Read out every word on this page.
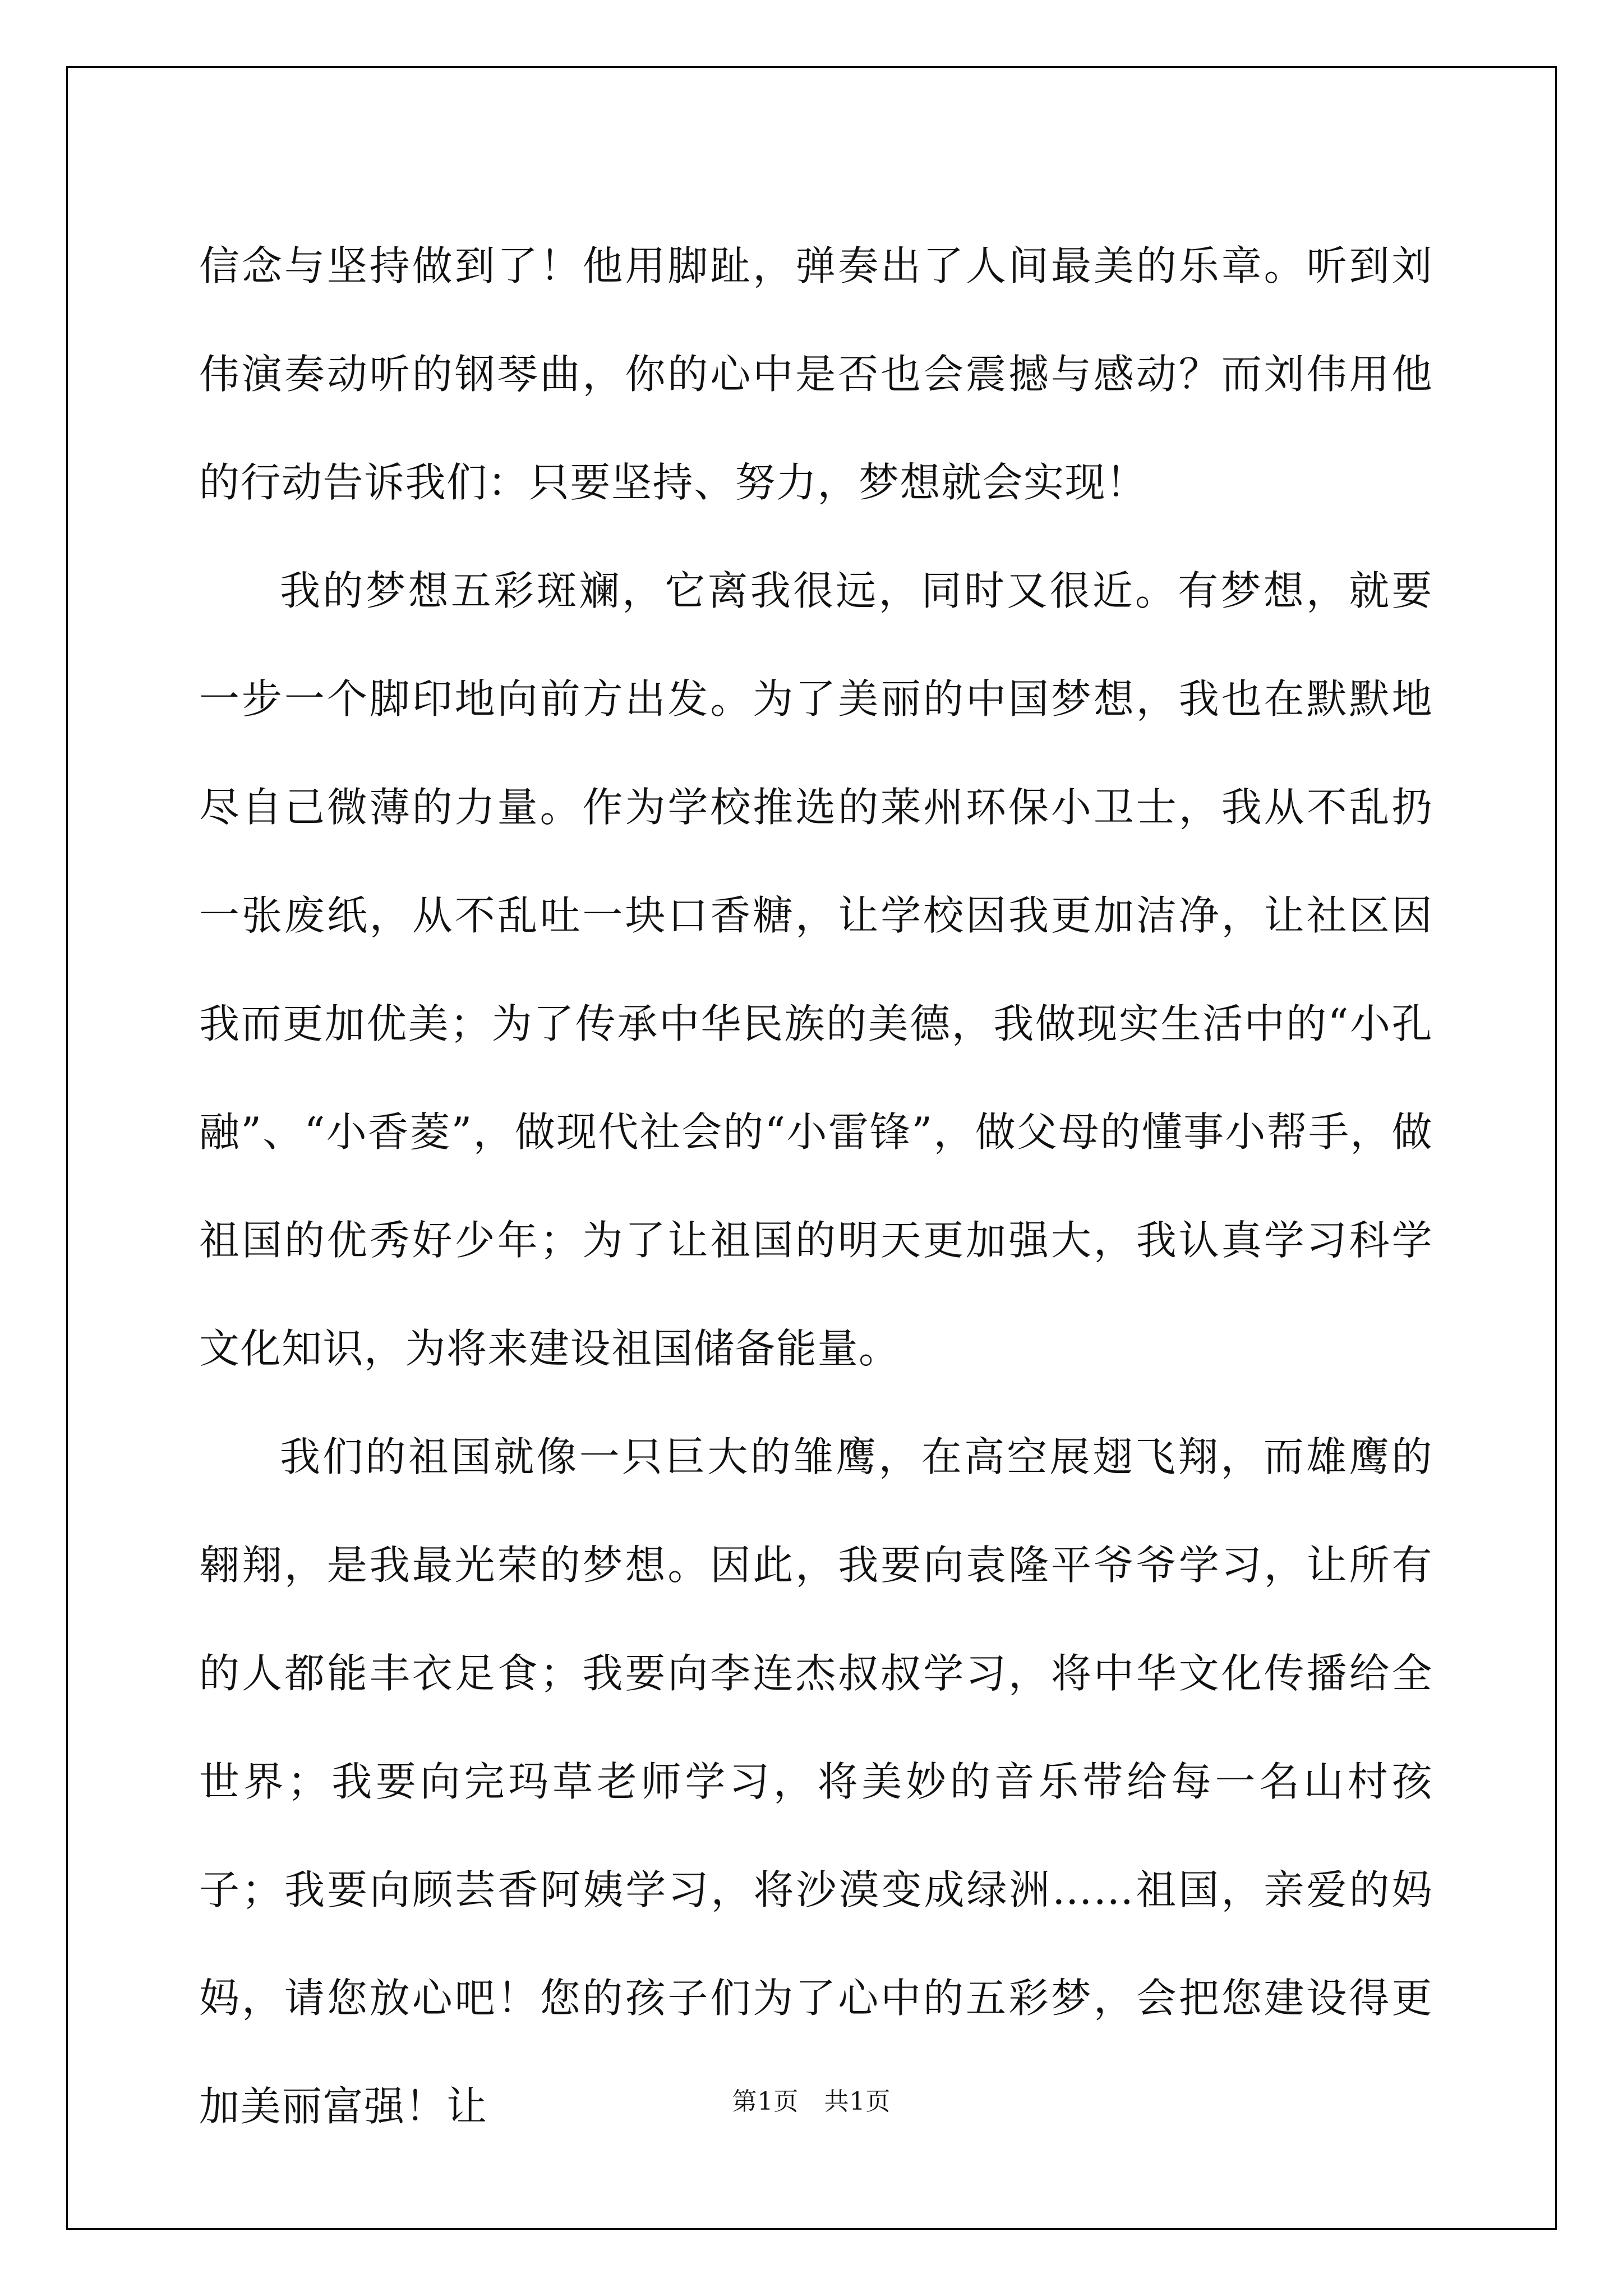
信念与坚持做到了！他用脚趾，弹奏出了人间最美的乐章。听到刘伟演奏动听的钢琴曲，你的心中是否也会震撼与感动？而刘伟用他的行动告诉我们：只要坚持、努力，梦想就会实现！

我的梦想五彩斑斓，它离我很远，同时又很近。有梦想，就要一步一个脚印地向前方出发。为了美丽的中国梦想，我也在默默地尽自己微薄的力量。作为学校推选的莱州环保小卫士，我从不乱扔一张废纸，从不乱吐一块口香糖，让学校因我更加洁净，让社区因我而更加优美；为了传承中华民族的美德，我做现实生活中的“小孔融”、“小香菱”，做现代社会的“小雷锋”，做父母的懂事小帮手，做祖国的优秀好少年；为了让祖国的明天更加强大，我认真学习科学文化知识，为将来建设祖国储备能量。

我们的祖国就像一只巨大的雏鹰，在高空展翅飞翔，而雄鹰的翱翔，是我最光荣的梦想。因此，我要向袁隆平爷爷学习，让所有的人都能丰衣足食；我要向李连杰叔叔学习，将中华文化传播给全世界；我要向完玛草老师学习，将美妙的音乐带给每一名山村孩子；我要向顾芸香阿姨学习，将沙漠变成绿洲……祖国，亲爱的妈妈，请您放心吧！您的孩子们为了心中的五彩梦，会把您建设得更加美丽富强！让	第1页 共1页
